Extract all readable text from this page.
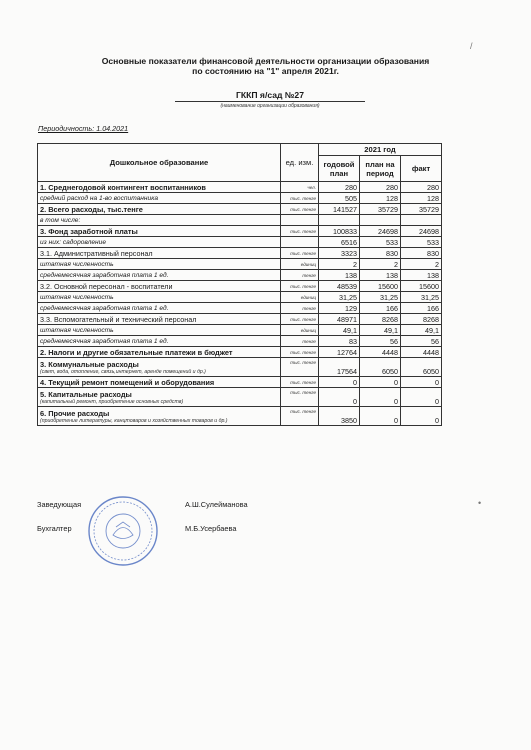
Основные показатели финансовой деятельности организации образования
по состоянию на "1" апреля 2021г.
ГККП я/сад №27
(наименование организации образования)
Периодичность: 1.04.2021
Дошкольное образование	ед. изм.	2021 год		
		годовой план	план на период	факт
1. Среднегодовой контингент воспитанников	чел.	280	280	280
средний расход на 1-во воспитанника	тыс. тенге	505	128	128
2. Всего расходы, тыс.тенге	тыс. тенге	141527	35729	35729
в том числе:				
3. Фонд заработной платы	тыс. тенге	100833	24698	24698
из них: садоровление		6516	533	533
3.1. Административный персонал	тыс. тенге	3323	830	830
штатная численность	единиц	2	2	2
среднемесячная заработная плата 1 ед.	тенге	138	138	138
3.2. Основной пересонал - воспитатели	тыс. тенге	48539	15600	15600
штатная численность	единиц	31,25	31,25	31,25
среднемесячная заработная плата 1 ед.	тенге	129	166	166
3.3. Вспомогательный и технический персонал	тыс. тенге	48971	8268	8268
штатная численность	единиц	49,1	49,1	49,1
среднемесячная заработная плата 1 ед.	тенге	83	56	56
2. Налоги и другие обязательные платежи в бюджет	тыс. тенге	12764	4448	4448
3. Коммунальные расходы
(свет, вода, отопление, связь,интернет, аренде помещений и др.)	тыс. тенге	17564	6050	6050
4. Текущий ремонт помещений и оборудования	тыс. тенге	0	0	0
5. Капитальные расходы
(капитальный ремонт, приобретение основных средств)	тыс. тенге	0	0	0
6. Прочие расходы
(приобретение литературы, канцтоваров и хозяйственных товаров и др.)	тыс. тенге	3850	0	0
Заведующая	А.Ш.Сулейманова
Бухгалтер	М.Б.Усербаева
/
•
